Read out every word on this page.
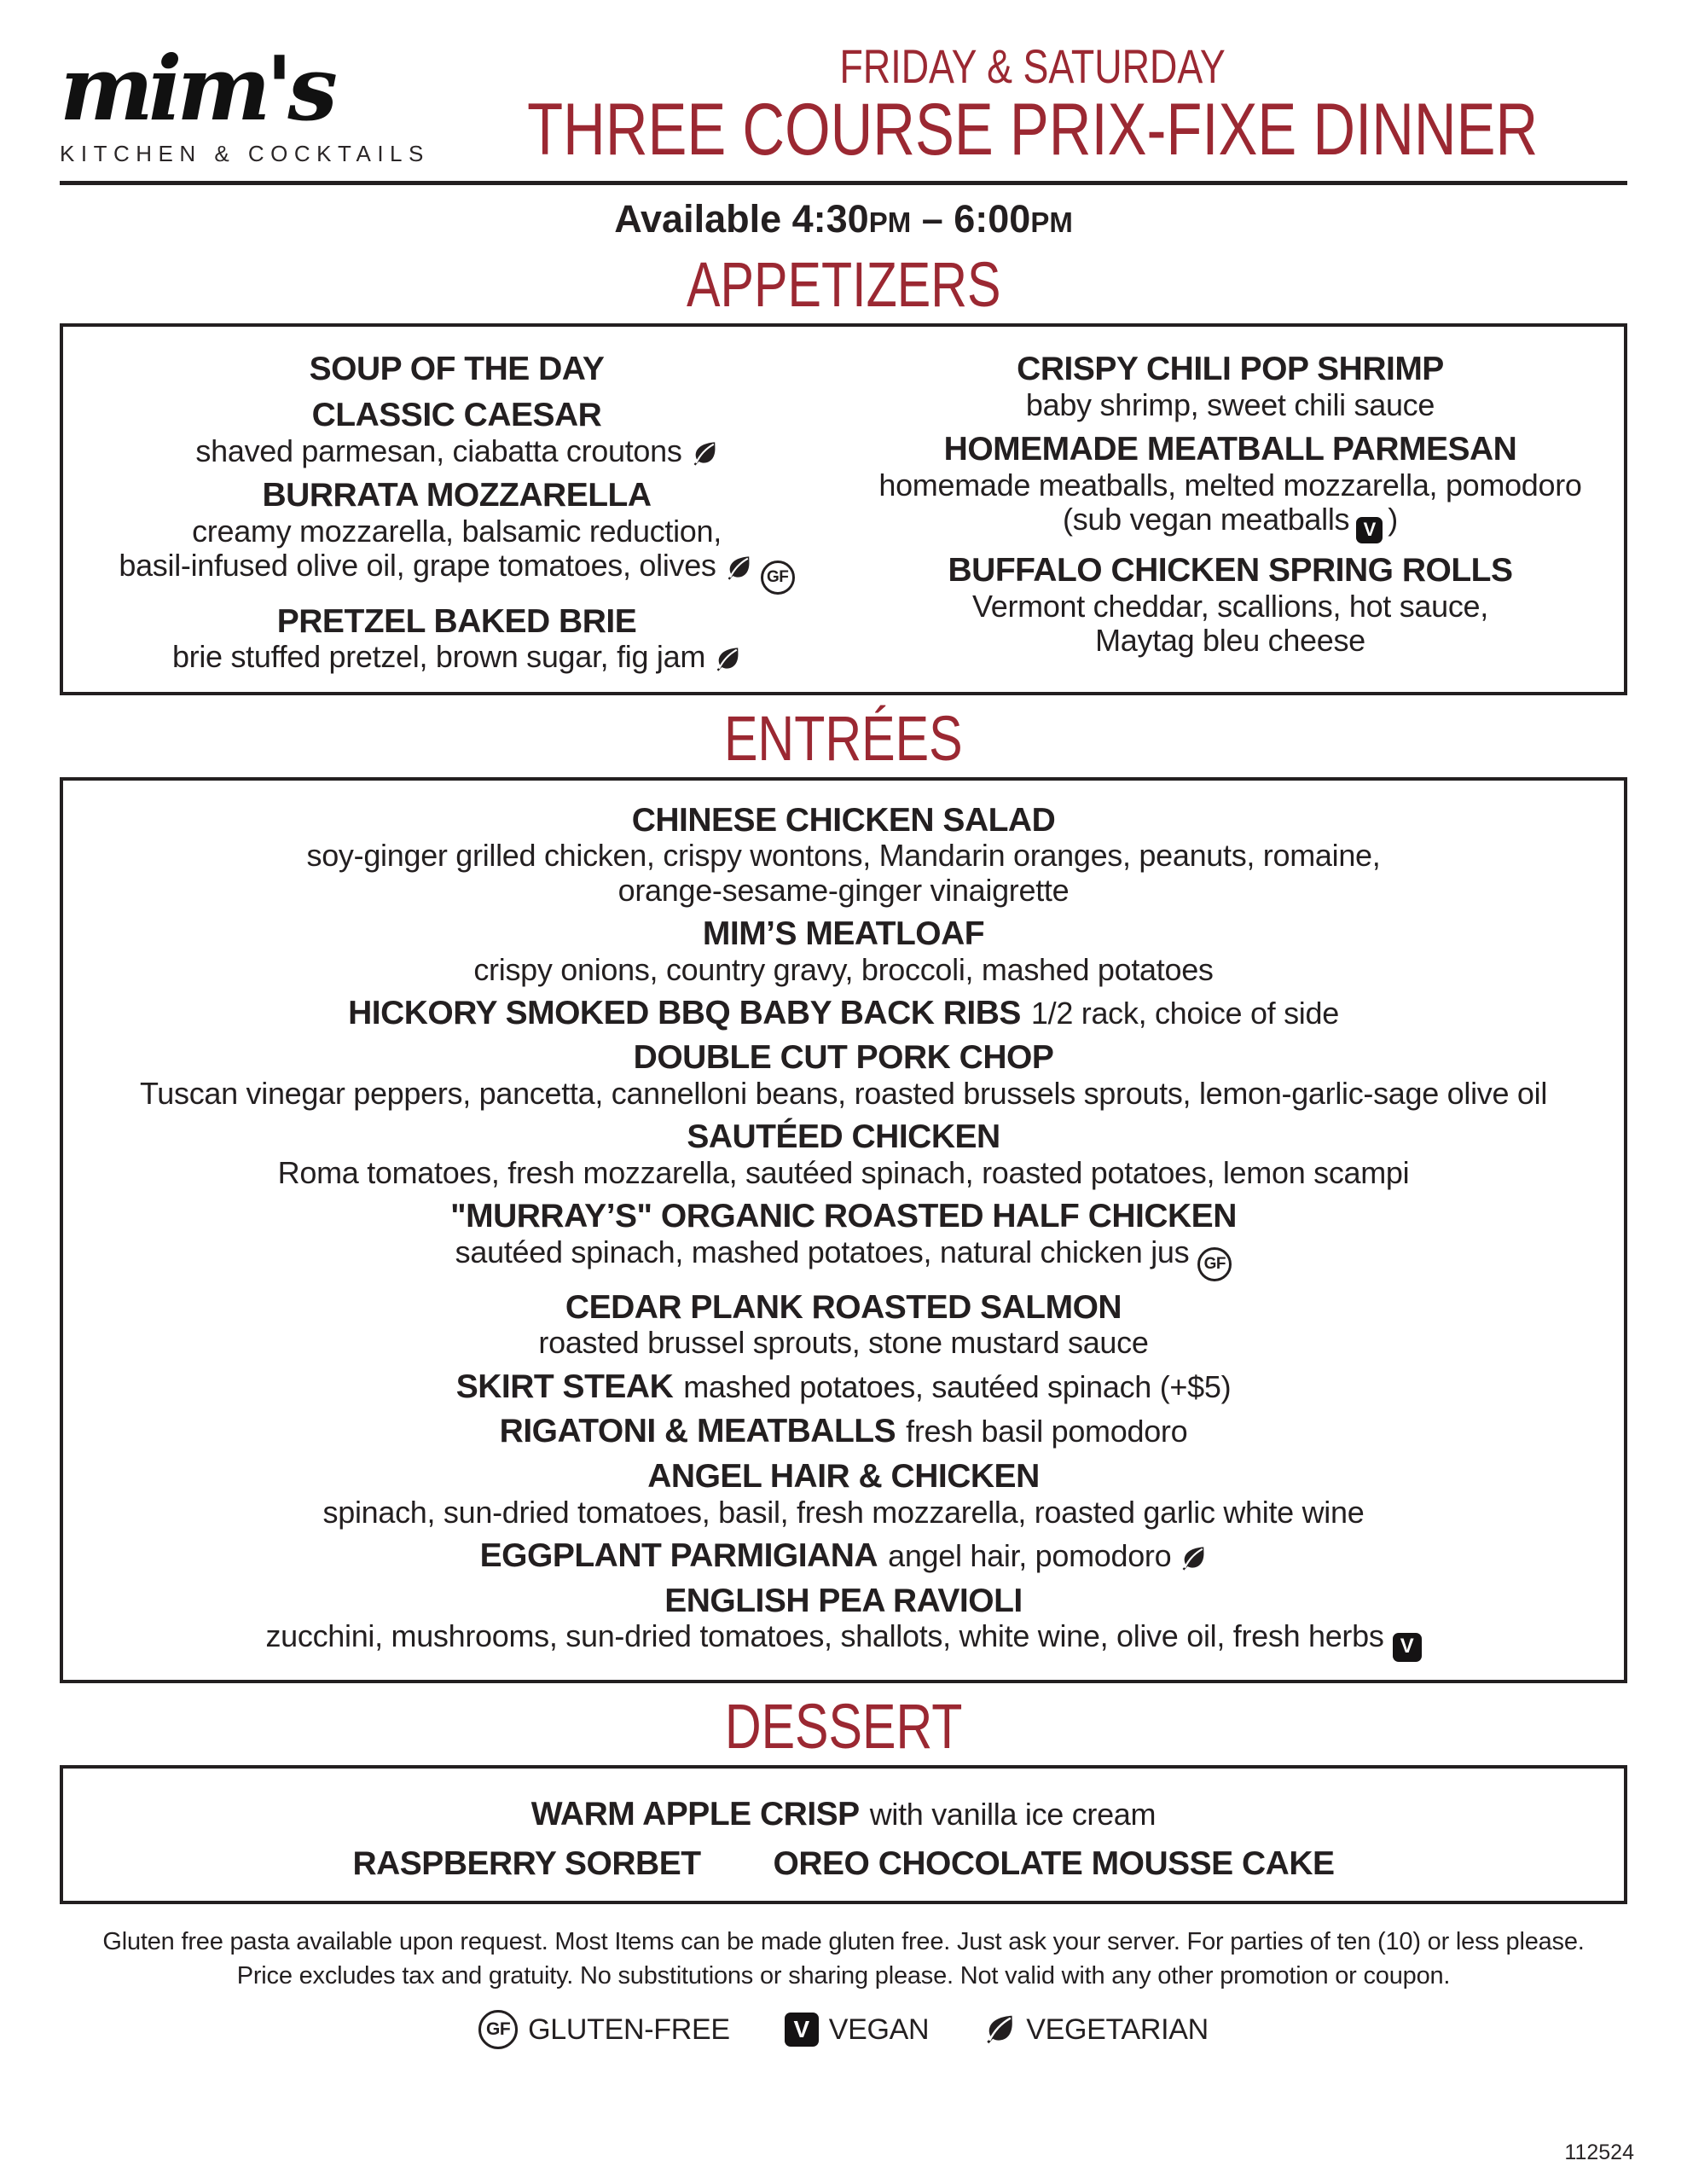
mim's
KITCHEN & COCKTAILS
FRIDAY & SATURDAY
THREE COURSE PRIX-FIXE DINNER
Available 4:30PM – 6:00PM
APPETIZERS
SOUP OF THE DAY
CLASSIC CAESAR
shaved parmesan, ciabatta croutons
BURRATA MOZZARELLA
creamy mozzarella, balsamic reduction,
basil-infused olive oil, grape tomatoes, olives	GF
PRETZEL BAKED BRIE
brie stuffed pretzel, brown sugar, fig jam
CRISPY CHILI POP SHRIMP
baby shrimp, sweet chili sauce
HOMEMADE MEATBALL PARMESAN
homemade meatballs, melted mozzarella, pomodoro
(sub vegan meatballs V )
BUFFALO CHICKEN SPRING ROLLS
Vermont cheddar, scallions, hot sauce,
Maytag bleu cheese
ENTRÉES
CHINESE CHICKEN SALAD
soy-ginger grilled chicken, crispy wontons, Mandarin oranges, peanuts, romaine,
orange-sesame-ginger vinaigrette
MIM’S MEATLOAF
crispy onions, country gravy, broccoli, mashed potatoes
HICKORY SMOKED BBQ BABY BACK RIBS 1/2 rack, choice of side
DOUBLE CUT PORK CHOP
Tuscan vinegar peppers, pancetta, cannelloni beans, roasted brussels sprouts, lemon-garlic-sage olive oil
SAUTÉED CHICKEN
Roma tomatoes, fresh mozzarella, sautéed spinach, roasted potatoes, lemon scampi
"MURRAY’S" ORGANIC ROASTED HALF CHICKEN
sautéed spinach, mashed potatoes, natural chicken jus GF
CEDAR PLANK ROASTED SALMON
roasted brussel sprouts, stone mustard sauce
SKIRT STEAK mashed potatoes, sautéed spinach (+$5)
RIGATONI & MEATBALLS fresh basil pomodoro
ANGEL HAIR & CHICKEN
spinach, sun-dried tomatoes, basil, fresh mozzarella, roasted garlic white wine
EGGPLANT PARMIGIANA angel hair, pomodoro
ENGLISH PEA RAVIOLI
zucchini, mushrooms, sun-dried tomatoes, shallots, white wine, olive oil, fresh herbs V
DESSERT
WARM APPLE CRISP with vanilla ice cream
RASPBERRY SORBET OREO CHOCOLATE MOUSSE CAKE

Gluten free pasta available upon request. Most Items can be made gluten free. Just ask your server. For parties of ten (10) or less please.

Price excludes tax and gratuity. No substitutions or sharing please. Not valid with any other promotion or coupon.

GF GLUTEN-FREE	V VEGAN	VEGETARIAN
112524
